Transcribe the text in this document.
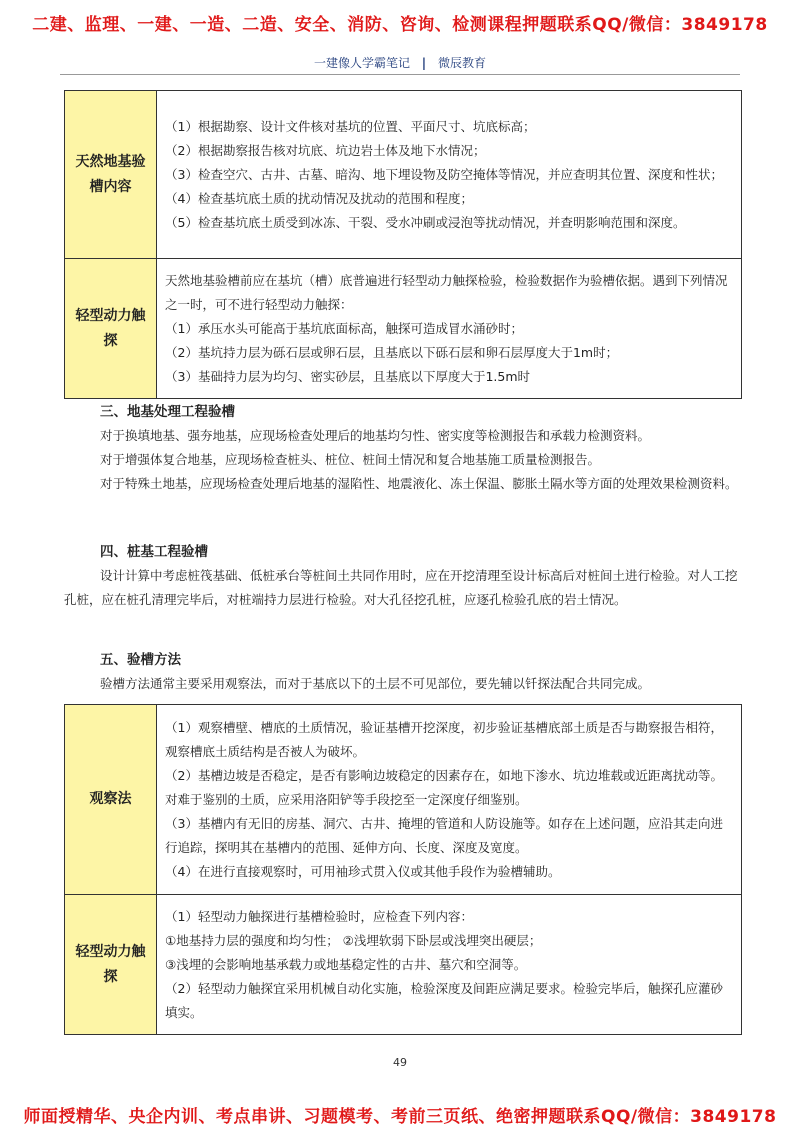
二建、监理、一建、一造、二造、安全、消防、咨询、检测课程押题联系QQ/微信：3849178
一建像人学霸笔记 | 微辰教育
天然地基验槽内容	（1）根据勘察、设计文件核对基坑的位置、平面尺寸、坑底标高；
（2）根据勘察报告核对坑底、坑边岩土体及地下水情况；
（3）检查空穴、古井、古墓、暗沟、地下埋设物及防空掩体等情况，并应查明其位置、深度和性状；
（4）检查基坑底土质的扰动情况及扰动的范围和程度；
（5）检查基坑底土质受到冰冻、干裂、受水冲刷或浸泡等扰动情况，并查明影响范围和深度。

轻型动力触探	天然地基验槽前应在基坑（槽）底普遍进行轻型动力触探检验，检验数据作为验槽依据。遇到下列情况之一时，可不进行轻型动力触探：
（1）承压水头可能高于基坑底面标高，触探可造成冒水涌砂时；
（2）基坑持力层为砾石层或卵石层，且基底以下砾石层和卵石层厚度大于1m时；
（3）基础持力层为均匀、密实砂层，且基底以下厚度大于1.5m时
三、地基处理工程验槽
对于换填地基、强夯地基，应现场检查处理后的地基均匀性、密实度等检测报告和承载力检测资料。
对于增强体复合地基，应现场检查桩头、桩位、桩间土情况和复合地基施工质量检测报告。
对于特殊土地基，应现场检查处理后地基的湿陷性、地震液化、冻土保温、膨胀土隔水等方面的处理效果检测资料。
四、桩基工程验槽
设计计算中考虑桩筏基础、低桩承台等桩间土共同作用时，应在开挖清理至设计标高后对桩间土进行检验。对人工挖孔桩，应在桩孔清理完毕后，对桩端持力层进行检验。对大孔径挖孔桩，应逐孔检验孔底的岩土情况。
五、验槽方法
验槽方法通常主要采用观察法，而对于基底以下的土层不可见部位，要先辅以钎探法配合共同完成。
观察法	（1）观察槽壁、槽底的土质情况，验证基槽开挖深度，初步验证基槽底部土质是否与勘察报告相符，观察槽底土质结构是否被人为破坏。
（2）基槽边坡是否稳定，是否有影响边坡稳定的因素存在，如地下渗水、坑边堆载或近距离扰动等。对难于鉴别的土质，应采用洛阳铲等手段挖至一定深度仔细鉴别。
（3）基槽内有无旧的房基、洞穴、古井、掩埋的管道和人防设施等。如存在上述问题，应沿其走向进行追踪，探明其在基槽内的范围、延伸方向、长度、深度及宽度。
（4）在进行直接观察时，可用袖珍式贯入仪或其他手段作为验槽辅助。

轻型动力触探	（1）轻型动力触探进行基槽检验时，应检查下列内容：
①地基持力层的强度和均匀性； ②浅埋软弱下卧层或浅埋突出硬层；
③浅埋的会影响地基承载力或地基稳定性的古井、墓穴和空洞等。
（2）轻型动力触探宜采用机械自动化实施，检验深度及间距应满足要求。检验完毕后，触探孔应灌砂填实。
49
师面授精华、央企内训、考点串讲、习题模考、考前三页纸、绝密押题联系QQ/微信：3849178
